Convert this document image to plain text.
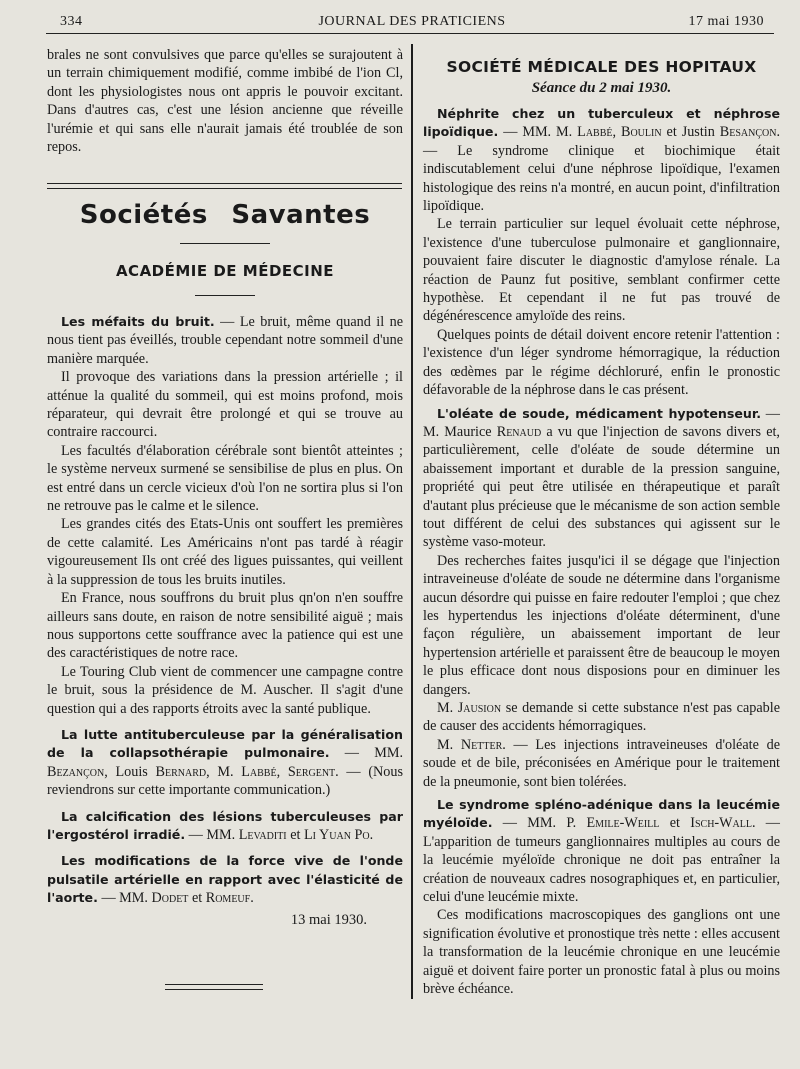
334	JOURNAL DES PRATICIENS	17 mai 1930

brales ne sont convulsives que parce qu'elles se surajoutent à un terrain chimiquement modifié, comme imbibé de l'ion Cl, dont les physiologistes nous ont appris le pouvoir excitant. Dans d'autres cas, c'est une lésion ancienne que réveille l'urémie et qui sans elle n'aurait jamais été troublée de son repos.

Sociétés Savantes
ACADÉMIE DE MÉDECINE

Les méfaits du bruit. — Le bruit, même quand il ne nous tient pas éveillés, trouble cependant notre sommeil d'une manière marquée.

Il provoque des variations dans la pression artérielle ; il atténue la qualité du sommeil, qui est moins profond, mois réparateur, qui devrait être prolongé et qui se trouve au contraire raccourci.

Les facultés d'élaboration cérébrale sont bientôt atteintes ; le système nerveux surmené se sensibilise de plus en plus. On est entré dans un cercle vicieux d'où l'on ne sortira plus si l'on ne retrouve pas le calme et le silence.

Les grandes cités des Etats-Unis ont souffert les premières de cette calamité. Les Américains n'ont pas tardé à réagir vigoureusement Ils ont créé des ligues puissantes, qui veillent à la suppression de tous les bruits inutiles.

En France, nous souffrons du bruit plus qn'on n'en souffre ailleurs sans doute, en raison de notre sensibilité aiguë ; mais nous supportons cette souffrance avec la patience qui est une des caractéristiques de notre race.

Le Touring Club vient de commencer une campagne contre le bruit, sous la présidence de M. Auscher. Il s'agit d'une question qui a des rapports étroits avec la santé publique.

La lutte antituberculeuse par la généralisation de la collapsothérapie pulmonaire. — MM. Bezançon, Louis Bernard, M. Labbé, Sergent. — (Nous reviendrons sur cette importante communication.)

La calcification des lésions tuberculeuses par l'ergostérol irradié. — MM. Levaditi et Li Yuan Po.

Les modifications de la force vive de l'onde pulsatile artérielle en rapport avec l'élasticité de l'aorte. — MM. Dodet et Romeuf.

13 mai 1930.
SOCIÉTÉ MÉDICALE DES HOPITAUX
Séance du 2 mai 1930.

Néphrite chez un tuberculeux et néphrose lipoïdique. — MM. M. Labbé, Boulin et Justin Besançon. — Le syndrome clinique et biochimique était indiscutablement celui d'une néphrose lipoïdique, l'examen histologique des reins n'a montré, en aucun point, d'infiltration lipoïdique.

Le terrain particulier sur lequel évoluait cette néphrose, l'existence d'une tuberculose pulmonaire et ganglionnaire, pouvaient faire discuter le diagnostic d'amylose rénale. La réaction de Paunz fut positive, semblant confirmer cette hypothèse. Et cependant il ne fut pas trouvé de dégénérescence amyloïde des reins.

Quelques points de détail doivent encore retenir l'attention : l'existence d'un léger syndrome hémorragique, la réduction des œdèmes par le régime déchloruré, enfin le pronostic défavorable de la néphrose dans le cas présent.

L'oléate de soude, médicament hypotenseur. — M. Maurice Renaud a vu que l'injection de savons divers et, particulièrement, celle d'oléate de soude détermine un abaissement important et durable de la pression sanguine, propriété qui peut être utilisée en thérapeutique et paraît d'autant plus précieuse que le mécanisme de son action semble tout différent de celui des substances qui agissent sur le système vaso-moteur.

Des recherches faites jusqu'ici il se dégage que l'injection intraveineuse d'oléate de soude ne détermine dans l'organisme aucun désordre qui puisse en faire redouter l'emploi ; que chez les hypertendus les injections d'oléate déterminent, d'une façon régulière, un abaissement important de leur hypertension artérielle et paraissent être de beaucoup le moyen le plus efficace dont nous disposions pour en diminuer les dangers.

M. Jausion se demande si cette substance n'est pas capable de causer des accidents hémorragiques.

M. Netter. — Les injections intraveineuses d'oléate de soude et de bile, préconisées en Amérique pour le traitement de la pneumonie, sont bien tolérées.

Le syndrome spléno-adénique dans la leucémie myéloïde. — MM. P. Emile-Weill et Isch-Wall. — L'apparition de tumeurs ganglionnaires multiples au cours de la leucémie myéloïde chronique ne doit pas entraîner la création de nouveaux cadres nosographiques et, en particulier, celui d'une leucémie mixte.

Ces modifications macroscopiques des ganglions ont une signification évolutive et pronostique très nette : elles accusent la transformation de la leucémie chronique en une leucémie aiguë et doivent faire porter un pronostic fatal à plus ou moins brève échéance.
